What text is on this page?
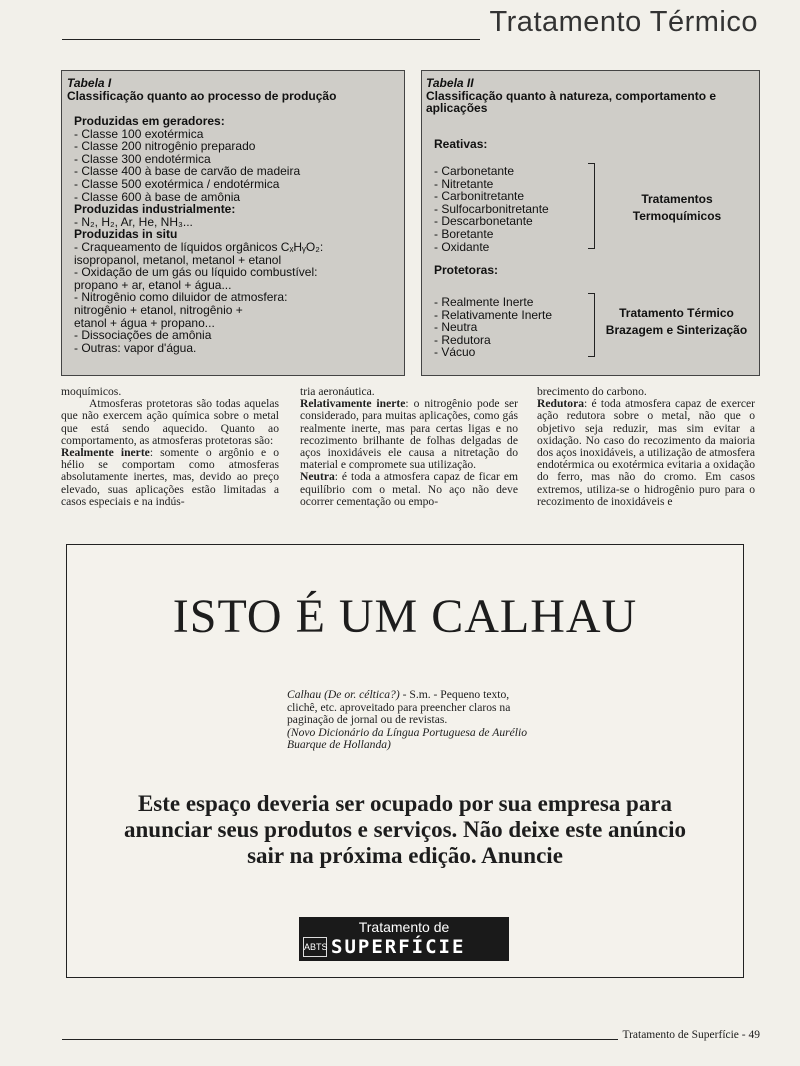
Tratamento Térmico
Tabela I
Classificação quanto ao processo de produção
Produzidas em geradores:
- Classe 100 exotérmica
- Classe 200 nitrogênio preparado
- Classe 300 endotérmica
- Classe 400 à base de carvão de madeira
- Classe 500 exotérmica / endotérmica
- Classe 600 à base de amônia
Produzidas industrialmente:
- N₂, H₂, Ar, He, NH₃...
Produzidas in situ
- Craqueamento de líquidos orgânicos CₓHᵧO₂:
isopropanol, metanol, metanol + etanol
- Oxidação de um gás ou líquido combustível:
propano + ar, etanol + água...
- Nitrogênio como diluidor de atmosfera:
nitrogênio + etanol, nitrogênio +
etanol + água + propano...
- Dissociações de amônia
- Outras: vapor d'água.
Tabela II
Classificação quanto à natureza, comportamento e aplicações
Reativas:
- Carbonetante
- Nitretante
- Carbonitretante
- Sulfocarbonitretante
- Descarbonetante
- Boretante
- Oxidante
Tratamentos
Termoquímicos
Protetoras:
- Realmente Inerte
- Relativamente Inerte
- Neutra
- Redutora
- Vácuo
Tratamento Térmico
Brazagem e Sinterização

moquímicos.

Atmosferas protetoras são todas aquelas que não exercem ação química sobre o metal que está sendo aquecido. Quanto ao comportamento, as atmosferas protetoras são:

Realmente inerte: somente o argônio e o hélio se comportam como atmosferas absolutamente inertes, mas, devido ao preço elevado, suas aplicações estão limitadas a casos especiais e na indús-

tria aeronáutica.

Relativamente inerte: o nitrogênio pode ser considerado, para muitas aplicações, como gás realmente inerte, mas para certas ligas e no recozimento brilhante de folhas delgadas de aços inoxidáveis ele causa a nitretação do material e compromete sua utilização.

Neutra: é toda a atmosfera capaz de ficar em equilíbrio com o metal. No aço não deve ocorrer cementação ou empo-

brecimento do carbono.

Redutora: é toda atmosfera capaz de exercer ação redutora sobre o metal, não que o objetivo seja reduzir, mas sim evitar a oxidação. No caso do recozimento da maioria dos aços inoxidáveis, a utilização de atmosfera endotérmica ou exotérmica evitaria a oxidação do ferro, mas não do cromo. Em casos extremos, utiliza-se o hidrogênio puro para o recozimento de inoxidáveis e

ISTO É UM CALHAU

Calhau (De or. céltica?) - S.m. - Pequeno texto, clichê, etc. aproveitado para preencher claros na paginação de jornal ou de revistas.

(Novo Dicionário da Língua Portuguesa de Aurélio Buarque de Hollanda)

Este espaço deveria ser ocupado por sua empresa para anunciar seus produtos e serviços. Não deixe este anúncio sair na próxima edição. Anuncie
Tratamento de
ABTS SUPERFÍCIE
Tratamento de Superfície - 49
